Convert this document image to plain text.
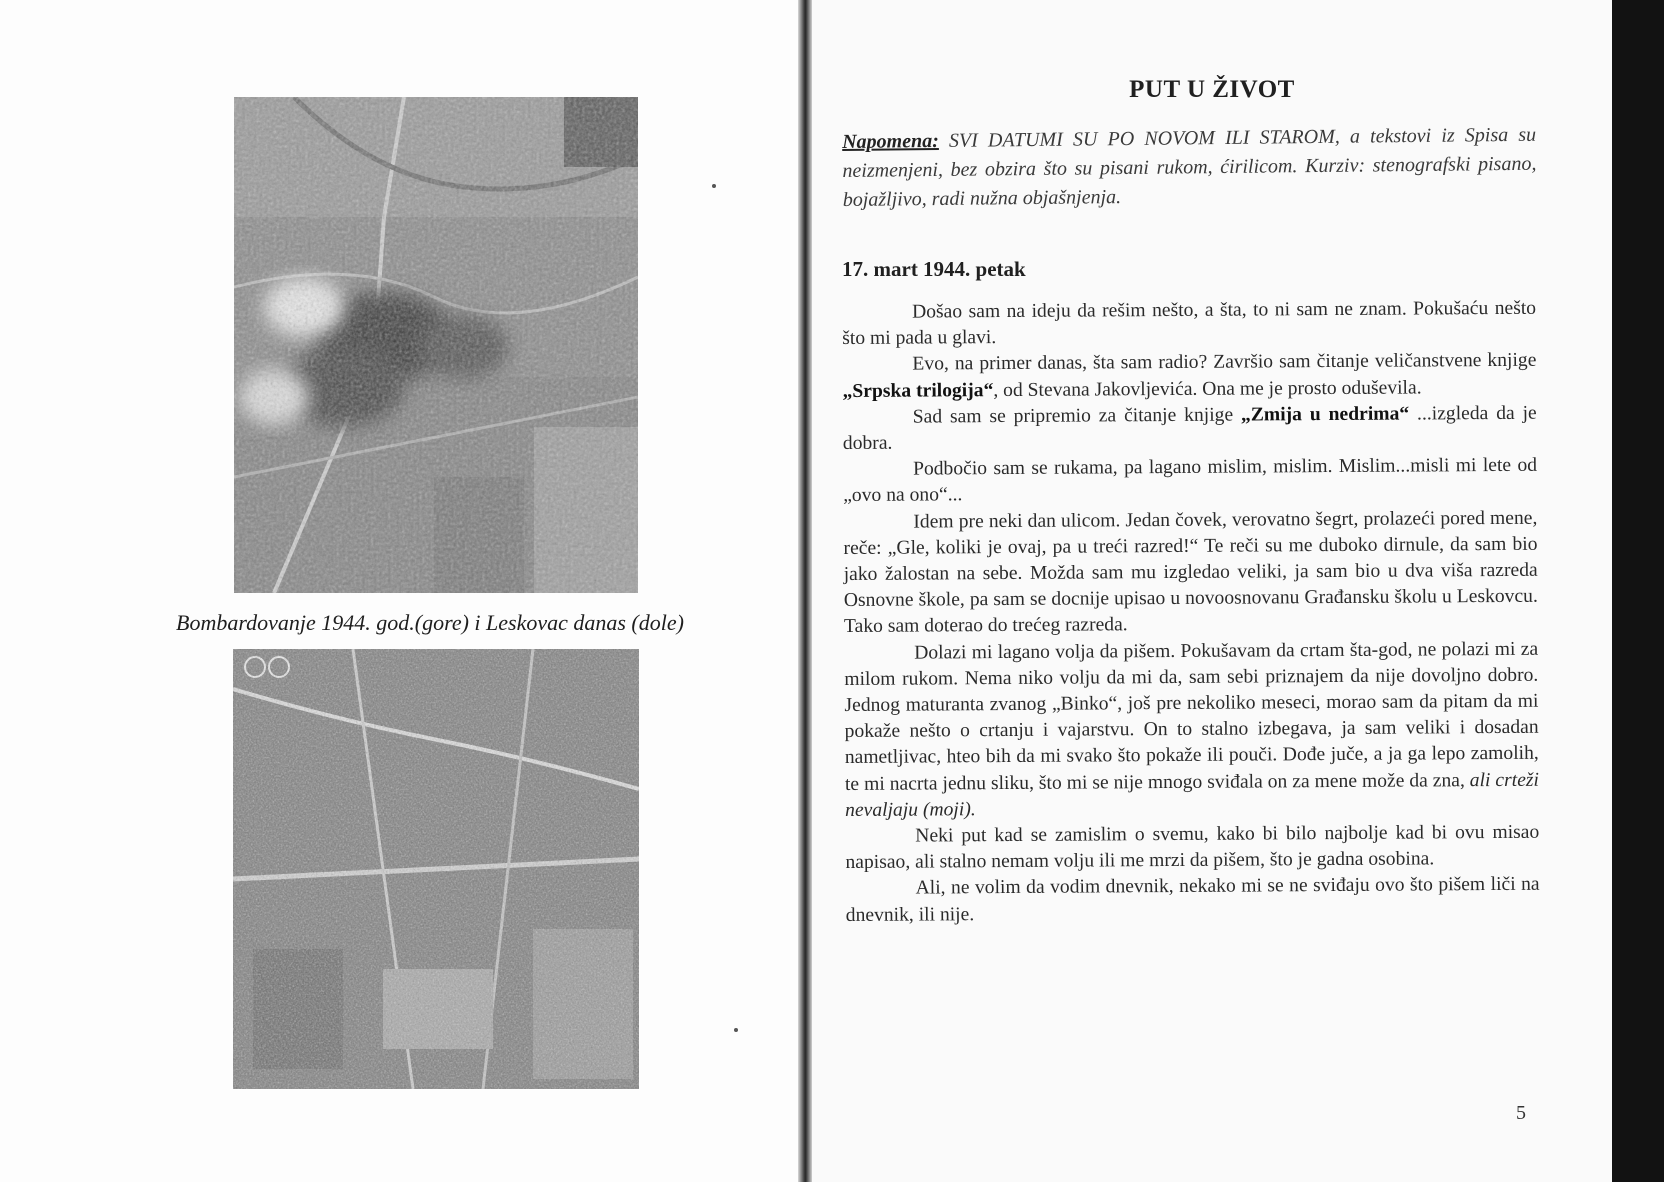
Bombardovanje 1944. god.(gore) i Leskovac danas (dole)
PUT U ŽIVOT
Napomena: SVI DATUMI SU PO NOVOM ILI STAROM, a tekstovi iz Spisa su neizmenjeni, bez obzira što su pisani rukom, ćirilicom. Kurziv: stenografski pisano, bojažljivo, radi nužna objašnjenja.
17. mart 1944. petak

Došao sam na ideju da rešim nešto, a šta, to ni sam ne znam. Pokušaću nešto što mi pada u glavi.

Evo, na primer danas, šta sam radio? Završio sam čitanje veličanstvene knjige „Srpska trilogija“, od Stevana Jakovljevića. Ona me je prosto oduševila.

Sad sam se pripremio za čitanje knjige „Zmija u nedrima“ ...izgleda da je dobra.

Podbočio sam se rukama, pa lagano mislim, mislim. Mislim...misli mi lete od „ovo na ono“...

Idem pre neki dan ulicom. Jedan čovek, verovatno šegrt, prolazeći pored mene, reče: „Gle, koliki je ovaj, pa u treći razred!“ Te reči su me duboko dirnule, da sam bio jako žalostan na sebe. Možda sam mu izgledao veliki, ja sam bio u dva viša razreda Osnovne škole, pa sam se docnije upisao u novoosnovanu Građansku školu u Leskovcu. Tako sam doterao do trećeg razreda.

Dolazi mi lagano volja da pišem. Pokušavam da crtam šta-god, ne polazi mi za milom rukom. Nema niko volju da mi da, sam sebi priznajem da nije dovoljno dobro. Jednog maturanta zvanog „Binko“, još pre nekoliko meseci, morao sam da pitam da mi pokaže nešto o crtanju i vajarstvu. On to stalno izbegava, ja sam veliki i dosadan nametljivac, hteo bih da mi svako što pokaže ili pouči. Dođe juče, a ja ga lepo zamolih, te mi nacrta jednu sliku, što mi se nije mnogo sviđala on za mene može da zna, ali crteži nevaljaju (moji).

Neki put kad se zamislim o svemu, kako bi bilo najbolje kad bi ovu misao napisao, ali stalno nemam volju ili me mrzi da pišem, što je gadna osobina.

Ali, ne volim da vodim dnevnik, nekako mi se ne sviđaju ovo što pišem liči na dnevnik, ili nije.

5
